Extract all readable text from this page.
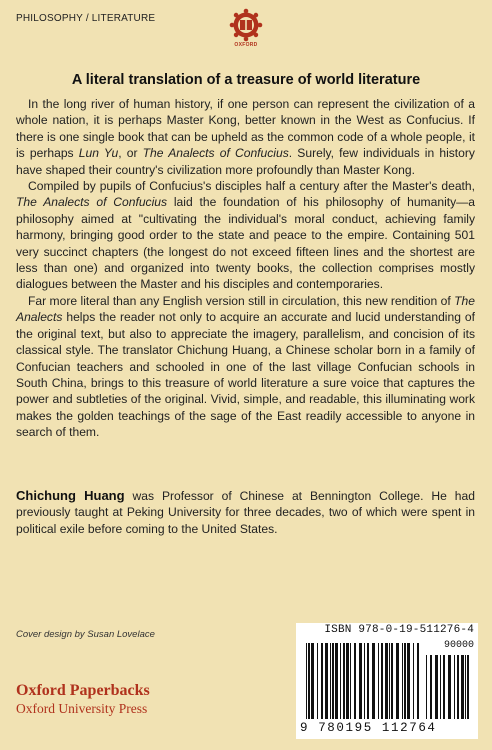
PHILOSOPHY / LITERATURE
OXFORD
A literal translation of a treasure of world literature

In the long river of human history, if one person can represent the civilization of a whole nation, it is perhaps Master Kong, better known in the West as Confucius. If there is one single book that can be upheld as the common code of a whole people, it is perhaps Lun Yu, or The Analects of Confucius. Surely, few individuals in history have shaped their country's civilization more profoundly than Master Kong.

Compiled by pupils of Confucius's disciples half a century after the Master's death, The Analects of Confucius laid the foundation of his philosophy of humanity—a philosophy aimed at "cultivating the individual's moral conduct, achieving family harmony, bringing good order to the state and peace to the empire. Containing 501 very succinct chapters (the longest do not exceed fifteen lines and the shortest are less than one) and organized into twenty books, the collection comprises mostly dialogues between the Master and his disciples and contemporaries.

Far more literal than any English version still in circulation, this new rendition of The Analects helps the reader not only to acquire an accurate and lucid understanding of the original text, but also to appreciate the imagery, parallelism, and concision of its classical style. The translator Chichung Huang, a Chinese scholar born in a family of Confucian teachers and schooled in one of the last village Confucian schools in South China, brings to this treasure of world literature a sure voice that captures the power and subtleties of the original. Vivid, simple, and readable, this illuminating work makes the golden teachings of the sage of the East readily accessible to anyone in search of them.

Chichung Huang was Professor of Chinese at Bennington College. He had previously taught at Peking University for three decades, two of which were spent in political exile before coming to the United States.

Cover design by Susan Lovelace
Oxford Paperbacks
Oxford University Press
ISBN 978-0-19-511276-4
90000
9 780195 112764
